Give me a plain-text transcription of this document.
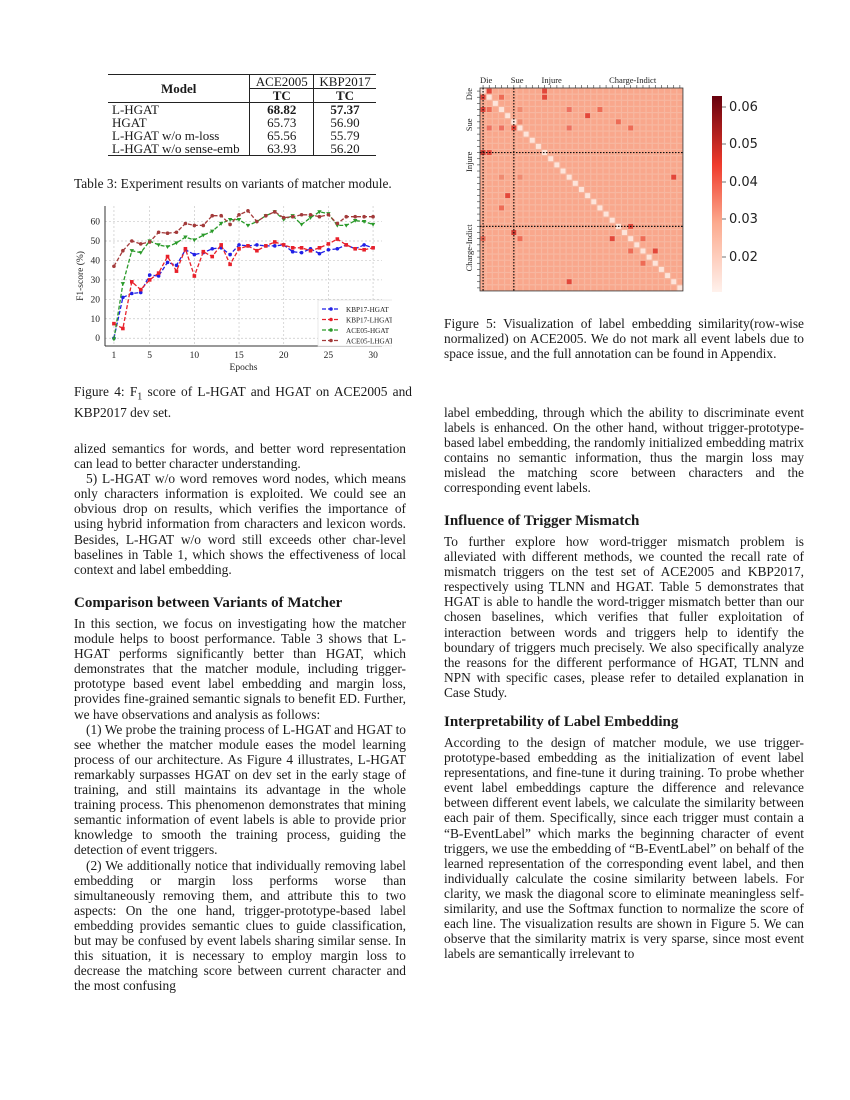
Model	ACE2005	KBP2017
	TC	TC
L-HGAT	68.82	57.37
HGAT	65.73	56.90
L-HGAT w/o m-loss	65.56	55.79
L-HGAT w/o sense-emb	63.93	56.20
Table 3: Experiment results on variants of matcher module.
1	5	10	15	20	25	30
0
10
20
30
40
50
60
Epochs
F1-score (%)
KBP17-HGAT
KBP17-LHGAT
ACE05-HGAT
ACE05-LHGAT
Figure 4: $F_1$ score of L-HGAT and HGAT on ACE2005 and KBP2017 dev set.
Die Sue Injure	Charge-Indict
Die
Sue
Injure
Charge-Indict
0.06
0.05
0.04
0.03
0.02
Figure 5: Visualization of label embedding similarity(row-wise normalized) on ACE2005. We do not mark all event labels due to space issue, and the full annotation can be found in Appendix.

alized semantics for words, and better word representation can lead to better character understanding.

5) L-HGAT w/o word removes word nodes, which means only characters information is exploited. We could see an obvious drop on results, which verifies the importance of using hybrid information from characters and lexicon words. Besides, L-HGAT w/o word still exceeds other char-level baselines in Table 1, which shows the effectiveness of local context and label embedding.

Comparison between Variants of Matcher

In this section, we focus on investigating how the matcher module helps to boost performance. Table 3 shows that L-HGAT performs significantly better than HGAT, which demonstrates that the matcher module, including trigger-prototype based event label embedding and margin loss, provides fine-grained semantic signals to benefit ED. Further, we have observations and analysis as follows:

(1) We probe the training process of L-HGAT and HGAT to see whether the matcher module eases the model learning process of our architecture. As Figure 4 illustrates, L-HGAT remarkably surpasses HGAT on dev set in the early stage of training, and still maintains its advantage in the whole training process. This phenomenon demonstrates that mining semantic information of event labels is able to provide prior knowledge to smooth the training process, guiding the detection of event triggers.

(2) We additionally notice that individually removing label embedding or margin loss performs worse than simultaneously removing them, and attribute this to two aspects: On the one hand, trigger-prototype-based label embedding provides semantic clues to guide classification, but may be confused by event labels sharing similar sense. In this situation, it is necessary to employ margin loss to decrease the matching score between current character and the most confusing

label embedding, through which the ability to discriminate event labels is enhanced. On the other hand, without trigger-prototype-based label embedding, the randomly initialized embedding matrix contains no semantic information, thus the margin loss may mislead the matching score between characters and the corresponding event labels.

Influence of Trigger Mismatch

To further explore how word-trigger mismatch problem is alleviated with different methods, we counted the recall rate of mismatch triggers on the test set of ACE2005 and KBP2017, respectively using TLNN and HGAT. Table 5 demonstrates that HGAT is able to handle the word-trigger mismatch better than our chosen baselines, which verifies that fuller exploitation of interaction between words and triggers help to identify the boundary of triggers much precisely. We also specifically analyze the reasons for the different performance of HGAT, TLNN and NPN with specific cases, please refer to detailed explanation in Case Study.

Interpretability of Label Embedding

According to the design of matcher module, we use trigger-prototype-based embedding as the initialization of event label representations, and fine-tune it during training. To probe whether event label embeddings capture the difference and relevance between different event labels, we calculate the similarity between each pair of them. Specifically, since each trigger must contain a “B-EventLabel” which marks the beginning character of event triggers, we use the embedding of “B-EventLabel” on behalf of the learned representation of the corresponding event label, and then individually calculate the cosine similarity between labels. For clarity, we mask the diagonal score to eliminate meaningless self-similarity, and use the Softmax function to normalize the score of each line. The visualization results are shown in Figure 5. We can observe that the similarity matrix is very sparse, since most event labels are semantically irrelevant to
